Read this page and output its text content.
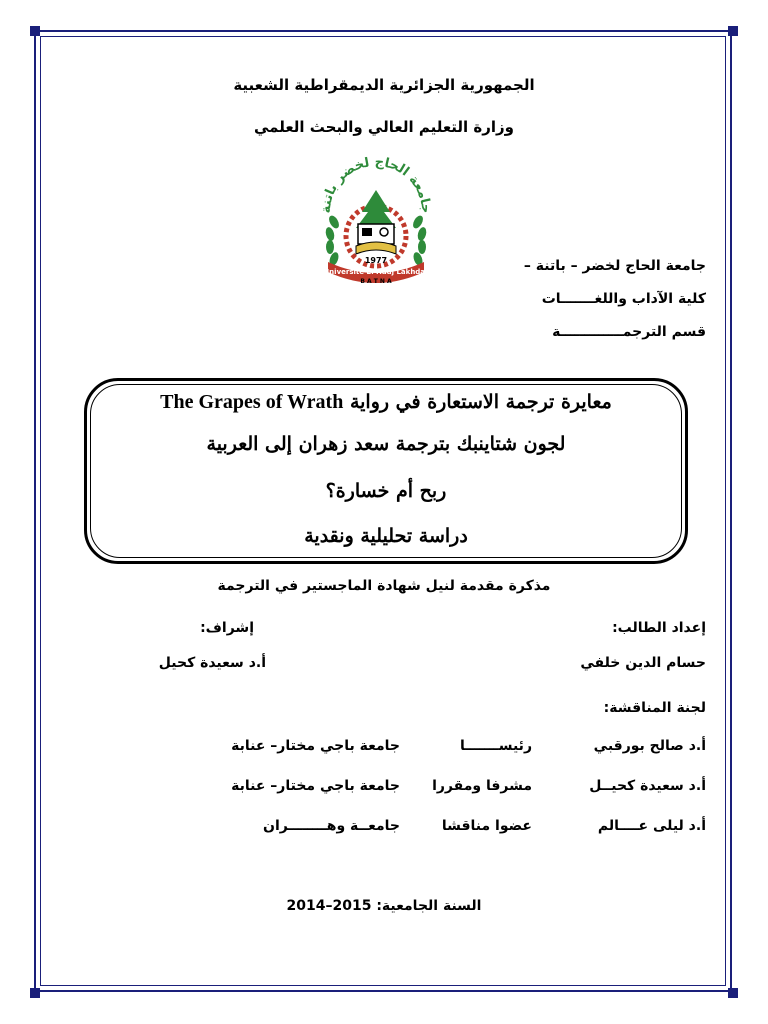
الجمهورية الجزائرية الديمقراطية الشعبية
وزارة التعليم العالي والبحث العلمي
جامعة الحاج لخضر باتنة
1977
Université El Hadj Lakhdar
B A T N A
جامعة الحاج لخضر – باتنة –
كلية الآداب واللغـــــــات
قسم الترجمـــــــــــــة
معايرة ترجمة الاستعارة في رواية The Grapes of Wrath
لجون شتاينبك بترجمة سعد زهران إلى العربية
ربح أم خسارة؟
دراسة تحليلية ونقدية
مذكرة مقدمة لنيل شهادة الماجستير في الترجمة
إعداد الطالب:
إشراف:
حسام الدين خلفي
أ.د سعيدة كحيل
لجنة المناقشة:
أ.د صالح بورقبي
رئيســـــــا
جامعة باجي مختار– عنابة
أ.د سعيدة كحيــل
مشرفا ومقررا
جامعة باجي مختار– عنابة
أ.د ليلى عــــالم
عضوا مناقشا
جامعــة وهــــــــران
السنة الجامعية: 2014–2015
